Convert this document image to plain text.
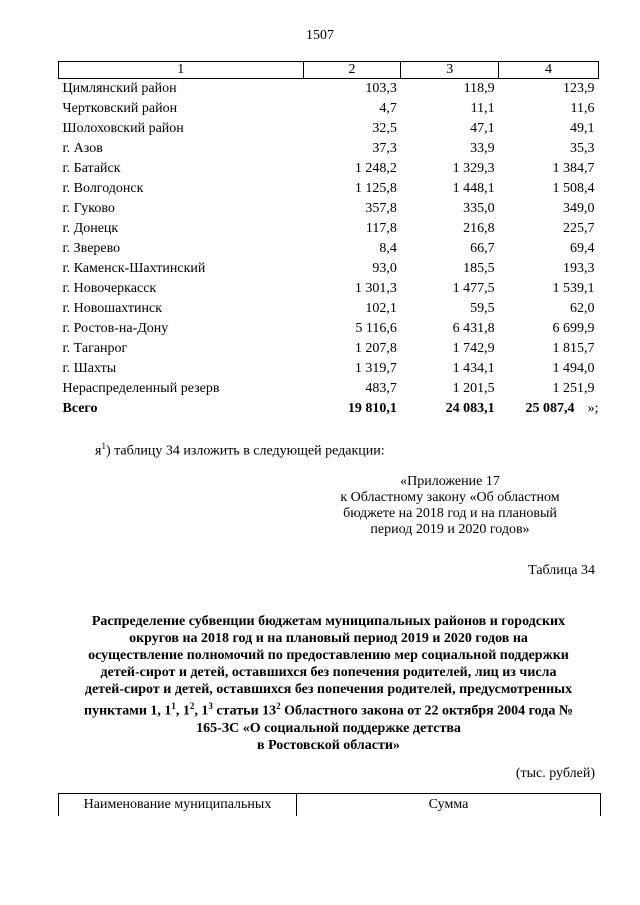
1507
1	2	3	4
Цимлянский район	103,3	118,9	123,9
Чертковский район	4,7	11,1	11,6
Шолоховский район	32,5	47,1	49,1
г. Азов	37,3	33,9	35,3
г. Батайск	1 248,2	1 329,3	1 384,7
г. Волгодонск	1 125,8	1 448,1	1 508,4
г. Гуково	357,8	335,0	349,0
г. Донецк	117,8	216,8	225,7
г. Зверево	8,4	66,7	69,4
г. Каменск-Шахтинский	93,0	185,5	193,3
г. Новочеркасск	1 301,3	1 477,5	1 539,1
г. Новошахтинск	102,1	59,5	62,0
г. Ростов-на-Дону	5 116,6	6 431,8	6 699,9
г. Таганрог	1 207,8	1 742,9	1 815,7
г. Шахты	1 319,7	1 434,1	1 494,0
Нераспределенный резерв	483,7	1 201,5	1 251,9
Всего	19 810,1	24 083,1	25 087,4 »;
$я^1$) таблицу 34 изложить в следующей редакции:
«Приложение 17
к Областному закону «Об областном
бюджете на 2018 год и на плановый
период 2019 и 2020 годов»
Таблица 34
Распределение субвенции бюджетам муниципальных районов и городских
округов на 2018 год и на плановый период 2019 и 2020 годов на
осуществление полномочий по предоставлению мер социальной поддержки
детей-сирот и детей, оставшихся без попечения родителей, лиц из числа
детей-сирот и детей, оставшихся без попечения родителей, предусмотренных
пунктами 1, $1^1$, $1^2$, $1^3$ статьи $13^2$ Областного закона от 22 октября 2004 года №
165-ЗС «О социальной поддержке детства
в Ростовской области»
(тыс. рублей)
Наименование муниципальных	Сумма
